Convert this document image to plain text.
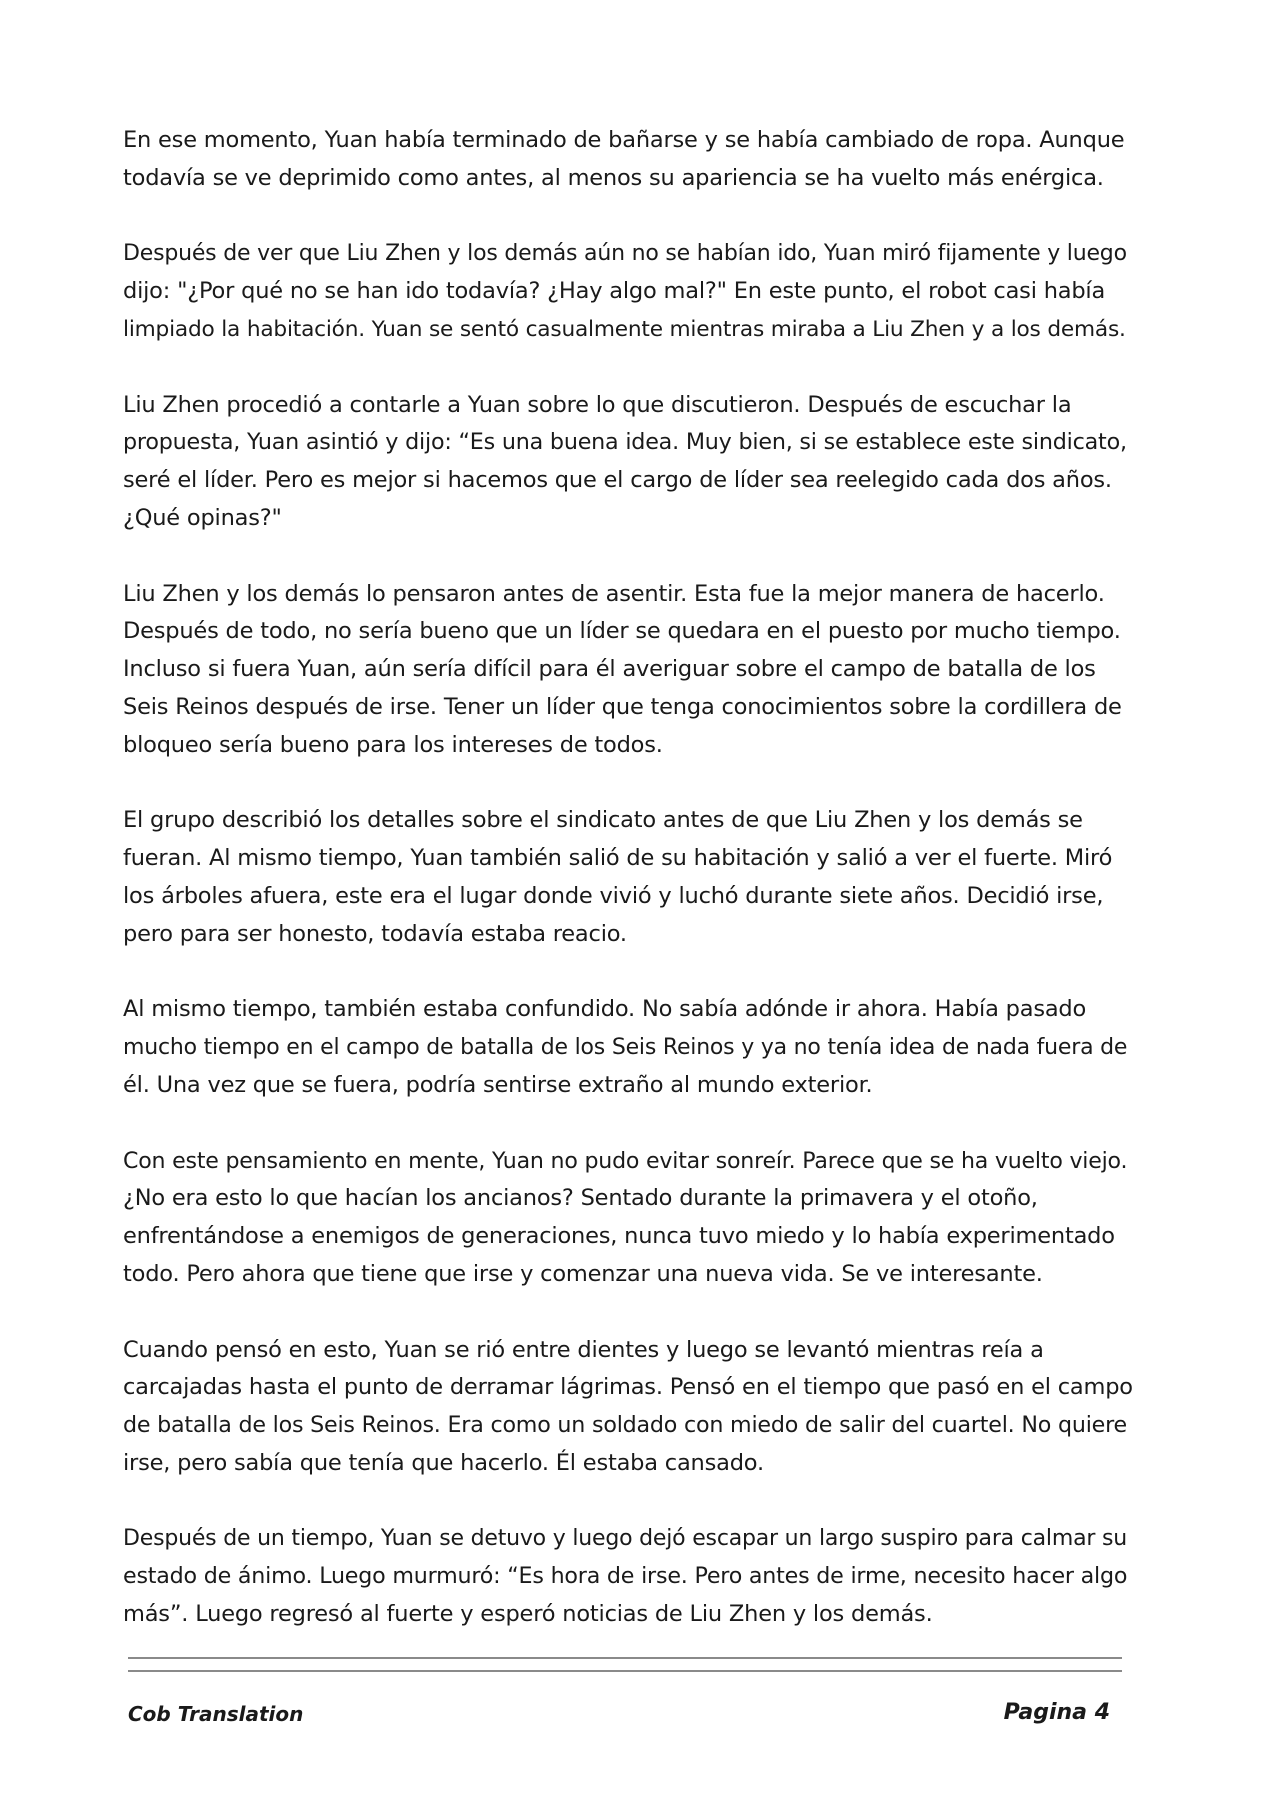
En ese momento, Yuan había terminado de bañarse y se había cambiado de ropa. Aunque
todavía se ve deprimido como antes, al menos su apariencia se ha vuelto más enérgica.

Después de ver que Liu Zhen y los demás aún no se habían ido, Yuan miró fijamente y luego
dijo: "¿Por qué no se han ido todavía? ¿Hay algo mal?" En este punto, el robot casi había
limpiado la habitación. Yuan se sentó casualmente mientras miraba a Liu Zhen y a los demás.

Liu Zhen procedió a contarle a Yuan sobre lo que discutieron. Después de escuchar la
propuesta, Yuan asintió y dijo: “Es una buena idea. Muy bien, si se establece este sindicato,
seré el líder. Pero es mejor si hacemos que el cargo de líder sea reelegido cada dos años.
¿Qué opinas?"

Liu Zhen y los demás lo pensaron antes de asentir. Esta fue la mejor manera de hacerlo.
Después de todo, no sería bueno que un líder se quedara en el puesto por mucho tiempo.
Incluso si fuera Yuan, aún sería difícil para él averiguar sobre el campo de batalla de los
Seis Reinos después de irse. Tener un líder que tenga conocimientos sobre la cordillera de
bloqueo sería bueno para los intereses de todos.

El grupo describió los detalles sobre el sindicato antes de que Liu Zhen y los demás se
fueran. Al mismo tiempo, Yuan también salió de su habitación y salió a ver el fuerte. Miró
los árboles afuera, este era el lugar donde vivió y luchó durante siete años. Decidió irse,
pero para ser honesto, todavía estaba reacio.

Al mismo tiempo, también estaba confundido. No sabía adónde ir ahora. Había pasado
mucho tiempo en el campo de batalla de los Seis Reinos y ya no tenía idea de nada fuera de
él. Una vez que se fuera, podría sentirse extraño al mundo exterior.

Con este pensamiento en mente, Yuan no pudo evitar sonreír. Parece que se ha vuelto viejo.
¿No era esto lo que hacían los ancianos? Sentado durante la primavera y el otoño,
enfrentándose a enemigos de generaciones, nunca tuvo miedo y lo había experimentado
todo. Pero ahora que tiene que irse y comenzar una nueva vida. Se ve interesante.

Cuando pensó en esto, Yuan se rió entre dientes y luego se levantó mientras reía a
carcajadas hasta el punto de derramar lágrimas. Pensó en el tiempo que pasó en el campo
de batalla de los Seis Reinos. Era como un soldado con miedo de salir del cuartel. No quiere
irse, pero sabía que tenía que hacerlo. Él estaba cansado.

Después de un tiempo, Yuan se detuvo y luego dejó escapar un largo suspiro para calmar su
estado de ánimo. Luego murmuró: “Es hora de irse. Pero antes de irme, necesito hacer algo
más”. Luego regresó al fuerte y esperó noticias de Liu Zhen y los demás.

Cob Translation	Pagina 4
